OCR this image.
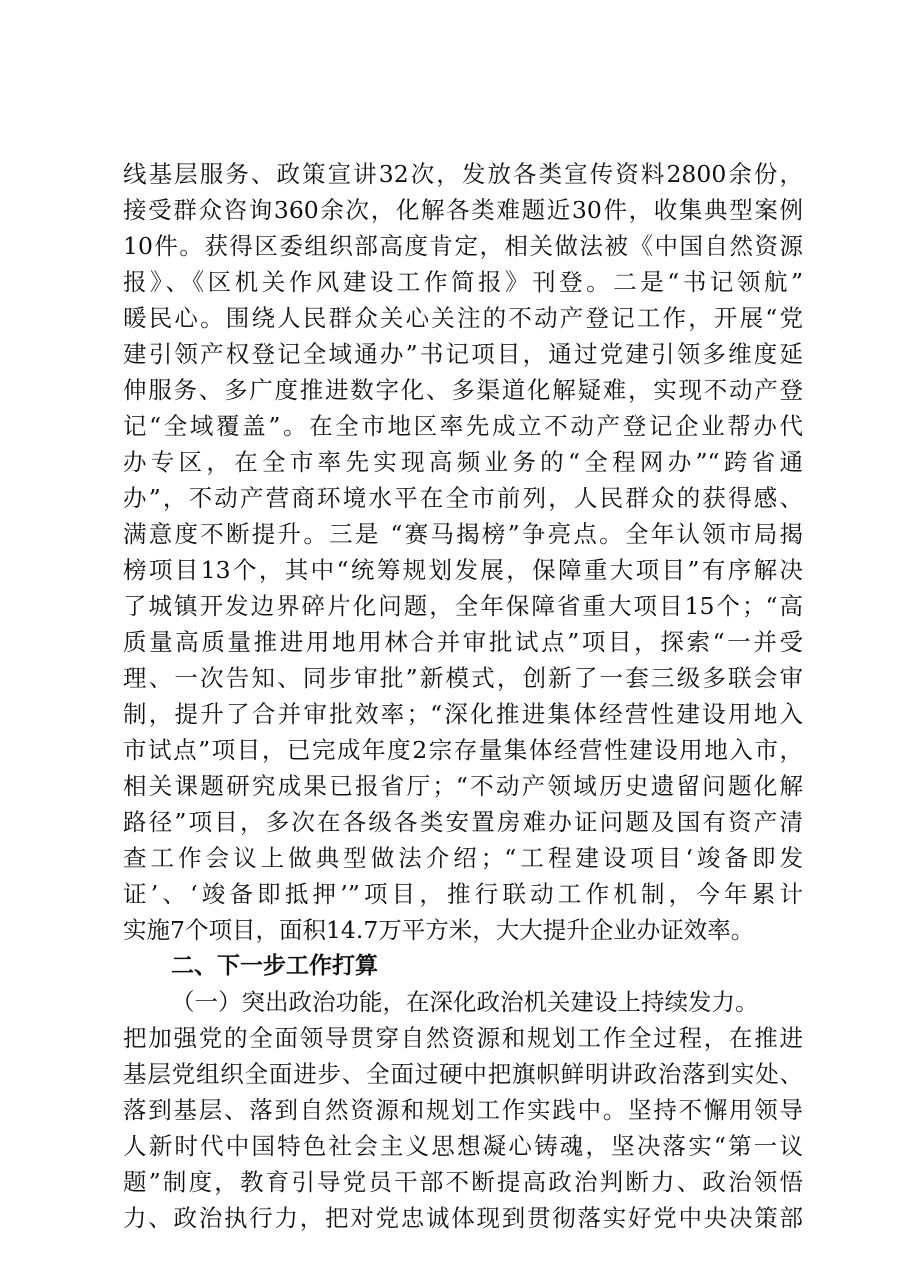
线基层服务、政策宣讲32次，发放各类宣传资料2800余份，
接受群众咨询360余次，化解各类难题近30件，收集典型案例
10件。获得区委组织部高度肯定，相关做法被《中国自然资源
报》、《区机关作风建设工作简报》刊登。二是“书记领航”
暖民心。围绕人民群众关心关注的不动产登记工作，开展“党
建引领产权登记全域通办”书记项目，通过党建引领多维度延
伸服务、多广度推进数字化、多渠道化解疑难，实现不动产登
记“全域覆盖”。在全市地区率先成立不动产登记企业帮办代
办专区，在全市率先实现高频业务的“全程网办”“跨省通
办”，不动产营商环境水平在全市前列，人民群众的获得感、
满意度不断提升。三是 “赛马揭榜”争亮点。全年认领市局揭
榜项目13个，其中“统筹规划发展，保障重大项目”有序解决
了城镇开发边界碎片化问题，全年保障省重大项目15个；“高
质量高质量推进用地用林合并审批试点”项目，探索“一并受
理、一次告知、同步审批”新模式，创新了一套三级多联会审
制，提升了合并审批效率；“深化推进集体经营性建设用地入
市试点”项目，已完成年度2宗存量集体经营性建设用地入市，
相关课题研究成果已报省厅；“不动产领域历史遗留问题化解
路径”项目，多次在各级各类安置房难办证问题及国有资产清
查工作会议上做典型做法介绍；“工程建设项目‘竣备即发
证’、‘竣备即抵押’”项目，推行联动工作机制，今年累计
实施7个项目，面积14.7万平方米，大大提升企业办证效率。
二、下一步工作打算
（一）突出政治功能，在深化政治机关建设上持续发力。
把加强党的全面领导贯穿自然资源和规划工作全过程，在推进
基层党组织全面进步、全面过硬中把旗帜鲜明讲政治落到实处、
落到基层、落到自然资源和规划工作实践中。坚持不懈用领导
人新时代中国特色社会主义思想凝心铸魂，坚决落实“第一议
题”制度，教育引导党员干部不断提高政治判断力、政治领悟
力、政治执行力，把对党忠诚体现到贯彻落实好党中央决策部
